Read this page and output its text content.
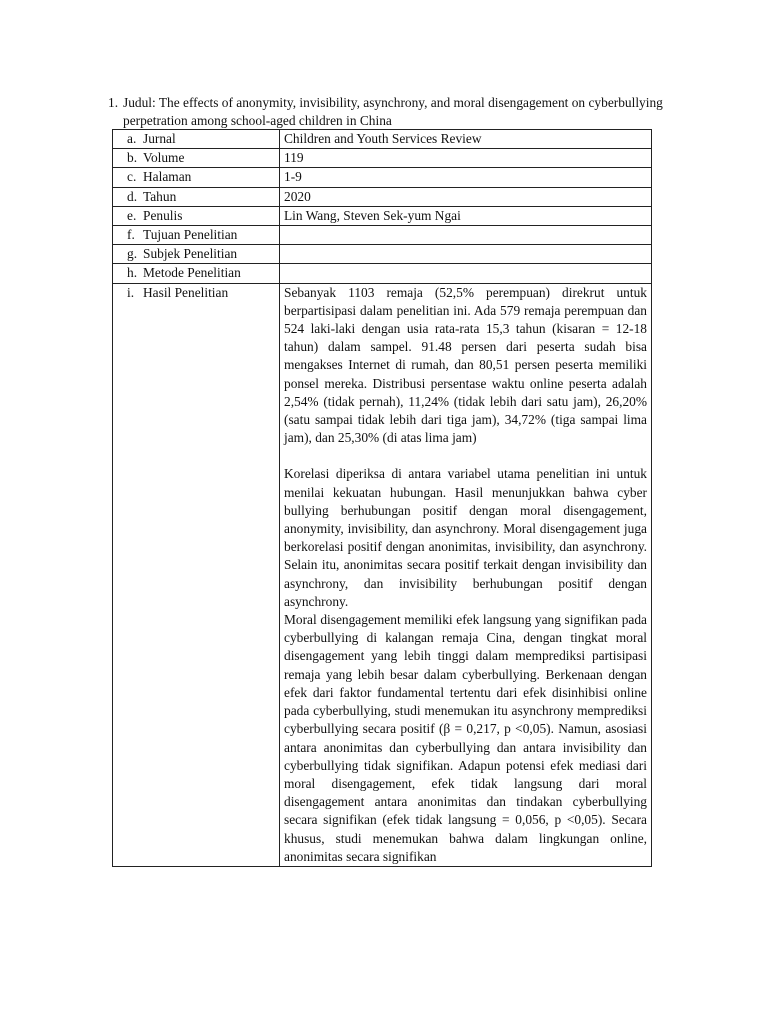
1. Judul: The effects of anonymity, invisibility, asynchrony, and moral disengagement on cyberbullying perpetration among school-aged children in China
a. Jurnal	Children and Youth Services Review
b. Volume	119
c. Halaman	1-9
d. Tahun	2020
e. Penulis	Lin Wang, Steven Sek-yum Ngai
f. Tujuan Penelitian	
g. Subjek Penelitian	
h. Metode Penelitian	
i. Hasil Penelitian	Sebanyak 1103 remaja (52,5% perempuan) direkrut untuk berpartisipasi dalam penelitian ini. Ada 579 remaja perempuan dan 524 laki-laki dengan usia rata-rata 15,3 tahun (kisaran = 12-18 tahun) dalam sampel. 91.48 persen dari peserta sudah bisa mengakses Internet di rumah, dan 80,51 persen peserta memiliki ponsel mereka. Distribusi persentase waktu online peserta adalah 2,54% (tidak pernah), 11,24% (tidak lebih dari satu jam), 26,20% (satu sampai tidak lebih dari tiga jam), 34,72% (tiga sampai lima jam), dan 25,30% (di atas lima jam)
Korelasi diperiksa di antara variabel utama penelitian ini untuk menilai kekuatan hubungan. Hasil menunjukkan bahwa cyber bullying berhubungan positif dengan moral disengagement, anonymity, invisibility, dan asynchrony. Moral disengagement juga berkorelasi positif dengan anonimitas, invisibility, dan asynchrony. Selain itu, anonimitas secara positif terkait dengan invisibility dan asynchrony, dan invisibility berhubungan positif dengan asynchrony.
Moral disengagement memiliki efek langsung yang signifikan pada cyberbullying di kalangan remaja Cina, dengan tingkat moral disengagement yang lebih tinggi dalam memprediksi partisipasi remaja yang lebih besar dalam cyberbullying. Berkenaan dengan efek dari faktor fundamental tertentu dari efek disinhibisi online pada cyberbullying, studi menemukan itu asynchrony memprediksi cyberbullying secara positif (β = 0,217, p <0,05). Namun, asosiasi antara anonimitas dan cyberbullying dan antara invisibility dan cyberbullying tidak signifikan. Adapun potensi efek mediasi dari moral disengagement, efek tidak langsung dari moral disengagement antara anonimitas dan tindakan cyberbullying secara signifikan (efek tidak langsung = 0,056, p <0,05). Secara khusus, studi menemukan bahwa dalam lingkungan online, anonimitas secara signifikan
